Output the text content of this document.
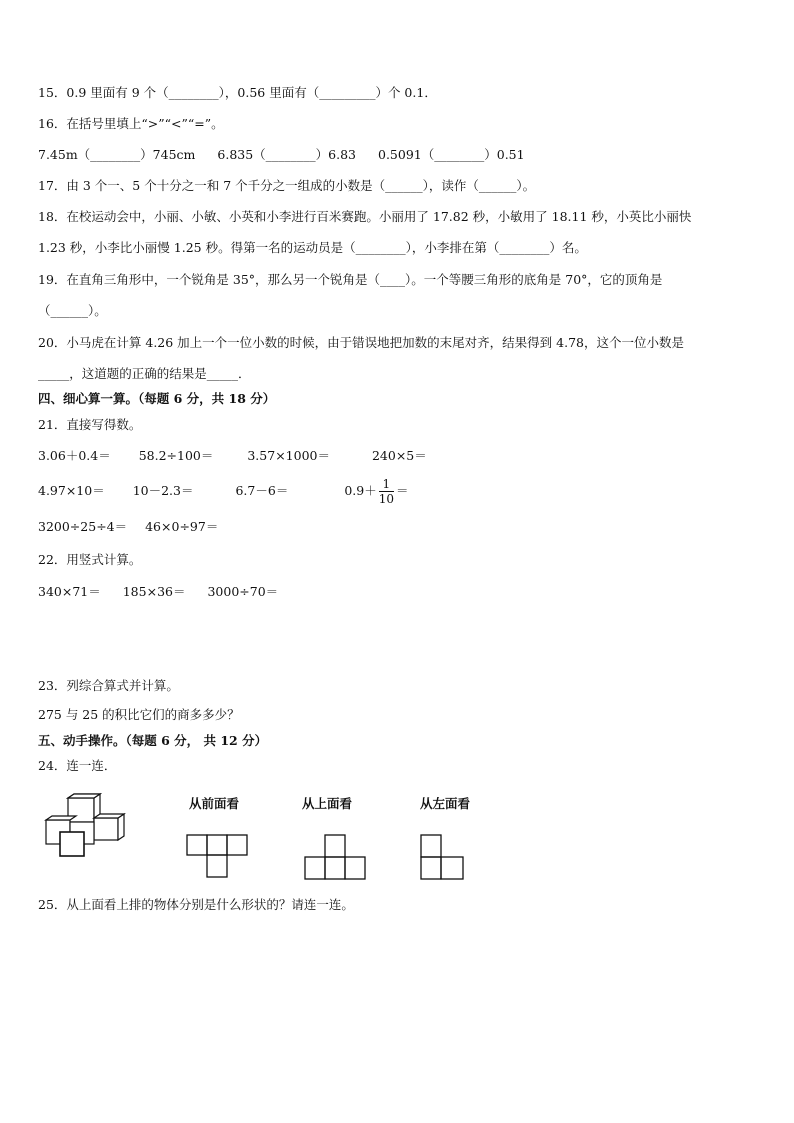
15．0.9 里面有 9 个（________），0.56 里面有（_________）个 0.1．
16．在括号里填上“>”“<”“=”。
7.45m（________）745cm 6.835（________）6.83 0.5091（________）0.51
17．由 3 个一、5 个十分之一和 7 个千分之一组成的小数是（______），读作（______）。
18．在校运动会中，小丽、小敏、小英和小李进行百米赛跑。小丽用了 17.82 秒，小敏用了 18.11 秒，小英比小丽快
1.23 秒，小李比小丽慢 1.25 秒。得第一名的运动员是（________），小李排在第（________）名。
19．在直角三角形中，一个锐角是 35°，那么另一个锐角是（____）。一个等腰三角形的底角是 70°，它的顶角是
（______）。
20．小马虎在计算 4.26 加上一个一位小数的时候，由于错误地把加数的末尾对齐，结果得到 4.78，这个一位小数是
_____，这道题的正确的结果是_____．
四、细心算一算。（每题 6 分，共 18 分）
21．直接写得数。
3.06＋0.4＝ 58.2÷100＝	3.57×1000＝	240×5＝
4.97×10＝ 10－2.3＝	6.7－6＝	$0.9+ \frac{1}{10}$ ＝
3200÷25÷4＝ 46×0÷97＝
22．用竖式计算。
340×71＝ 185×36＝ 3000÷70＝
23．列综合算式并计算。
275 与 25 的积比它们的商多多少？
五、动手操作。（每题 6 分， 共 12 分）
24．连一连．
从前面看	从上面看	从左面看
25．从上面看上排的物体分别是什么形状的？请连一连。
